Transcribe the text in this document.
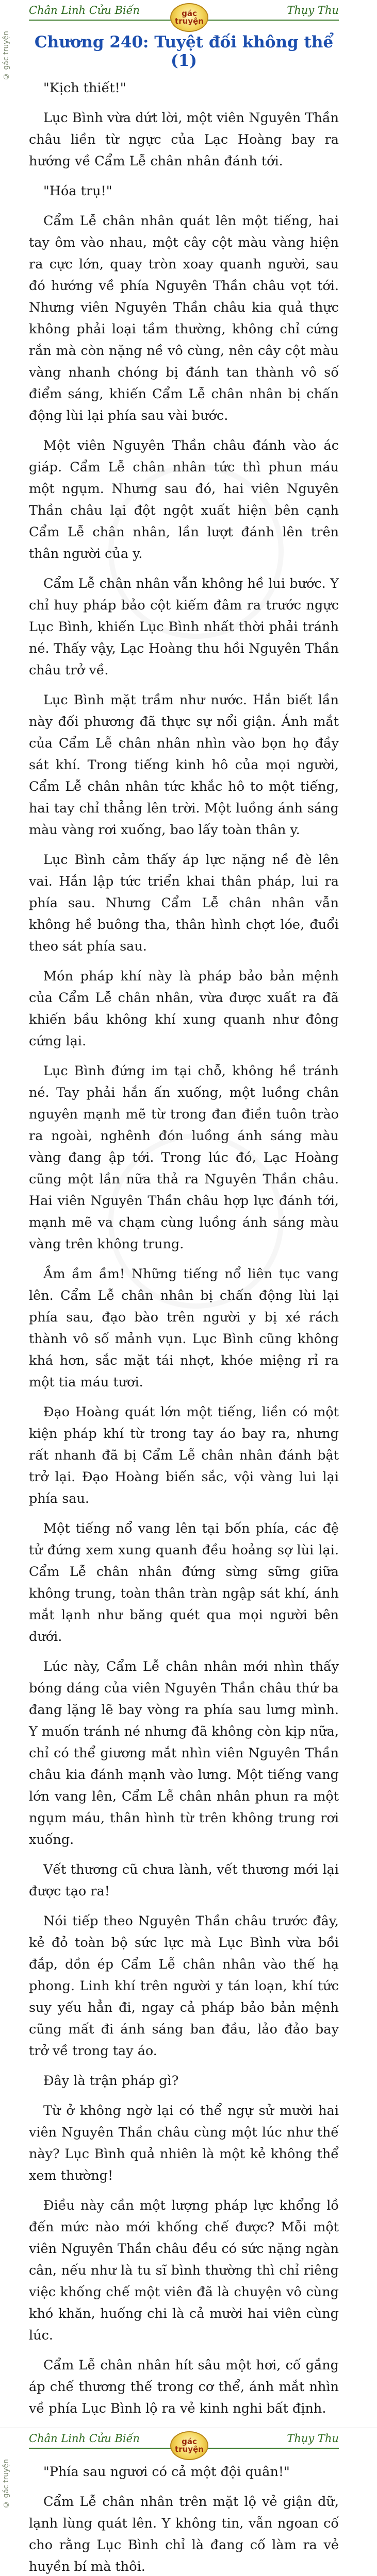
Chân Linh Cửu Biến	Thụy Thu
gác truyện
© gác truyện	Chương 240: Tuyệt đối không thể (1)

"Kịch thiết!"

Lục Bình vừa dứt lời, một viên Nguyên Thần châu liền từ ngực của Lạc Hoàng bay ra hướng về Cẩm Lễ chân nhân đánh tới.

"Hóa trụ!"

Cẩm Lễ chân nhân quát lên một tiếng, hai tay ôm vào nhau, một cây cột màu vàng hiện ra cực lớn, quay tròn xoay quanh người, sau đó hướng về phía Nguyên Thần châu vọt tới. Nhưng viên Nguyên Thần châu kia quả thực không phải loại tầm thường, không chỉ cứng rắn mà còn nặng nề vô cùng, nên cây cột màu vàng nhanh chóng bị đánh tan thành vô số điểm sáng, khiến Cẩm Lễ chân nhân bị chấn động lùi lại phía sau vài bước.

Một viên Nguyên Thần châu đánh vào ác giáp. Cẩm Lễ chân nhân tức thì phun máu một ngụm. Nhưng sau đó, hai viên Nguyên Thần châu lại đột ngột xuất hiện bên cạnh Cẩm Lễ chân nhân, lần lượt đánh lên trên thân người của y.

Cẩm Lễ chân nhân vẫn không hề lui bước. Y chỉ huy pháp bảo cột kiếm đâm ra trước ngực Lục Bình, khiến Lục Bình nhất thời phải tránh né. Thấy vậy, Lạc Hoàng thu hồi Nguyên Thần châu trở về.

Lục Bình mặt trầm như nước. Hắn biết lần này đối phương đã thực sự nổi giận. Ánh mắt của Cẩm Lễ chân nhân nhìn vào bọn họ đầy sát khí. Trong tiếng kinh hô của mọi người, Cẩm Lễ chân nhân tức khắc hô to một tiếng, hai tay chỉ thẳng lên trời. Một luồng ánh sáng màu vàng rơi xuống, bao lấy toàn thân y.

Lục Bình cảm thấy áp lực nặng nề đè lên vai. Hắn lập tức triển khai thân pháp, lui ra phía sau. Nhưng Cẩm Lễ chân nhân vẫn không hề buông tha, thân hình chợt lóe, đuổi theo sát phía sau.

Món pháp khí này là pháp bảo bản mệnh của Cẩm Lễ chân nhân, vừa được xuất ra đã khiến bầu không khí xung quanh như đông cứng lại.

Lục Bình đứng im tại chỗ, không hề tránh né. Tay phải hắn ấn xuống, một luồng chân nguyên mạnh mẽ từ trong đan điền tuôn trào ra ngoài, nghênh đón luồng ánh sáng màu vàng đang ập tới. Trong lúc đó, Lạc Hoàng cũng một lần nữa thả ra Nguyên Thần châu. Hai viên Nguyên Thần châu hợp lực đánh tới, mạnh mẽ va chạm cùng luồng ánh sáng màu vàng trên không trung.

Ầm ầm ầm! Những tiếng nổ liên tục vang lên. Cẩm Lễ chân nhân bị chấn động lùi lại phía sau, đạo bào trên người y bị xé rách thành vô số mảnh vụn. Lục Bình cũng không khá hơn, sắc mặt tái nhợt, khóe miệng rỉ ra một tia máu tươi.

Đạo Hoàng quát lớn một tiếng, liền có một kiện pháp khí từ trong tay áo bay ra, nhưng rất nhanh đã bị Cẩm Lễ chân nhân đánh bật trở lại. Đạo Hoàng biến sắc, vội vàng lui lại phía sau.

Một tiếng nổ vang lên tại bốn phía, các đệ tử đứng xem xung quanh đều hoảng sợ lùi lại. Cẩm Lễ chân nhân đứng sừng sững giữa không trung, toàn thân tràn ngập sát khí, ánh mắt lạnh như băng quét qua mọi người bên dưới.

Lúc này, Cẩm Lễ chân nhân mới nhìn thấy bóng dáng của viên Nguyên Thần châu thứ ba đang lặng lẽ bay vòng ra phía sau lưng mình. Y muốn tránh né nhưng đã không còn kịp nữa, chỉ có thể giương mắt nhìn viên Nguyên Thần châu kia đánh mạnh vào lưng. Một tiếng vang lớn vang lên, Cẩm Lễ chân nhân phun ra một ngụm máu, thân hình từ trên không trung rơi xuống.

Vết thương cũ chưa lành, vết thương mới lại được tạo ra!

Nói tiếp theo Nguyên Thần châu trước đây, kẻ đỏ toàn bộ sức lực mà Lục Bình vừa bồi đắp, dồn ép Cẩm Lễ chân nhân vào thế hạ phong. Linh khí trên người y tán loạn, khí tức suy yếu hẳn đi, ngay cả pháp bảo bản mệnh cũng mất đi ánh sáng ban đầu, lảo đảo bay trở về trong tay áo.

Đây là trận pháp gì?

Từ ở không ngờ lại có thể ngự sử mười hai viên Nguyên Thần châu cùng một lúc như thế này? Lục Bình quả nhiên là một kẻ không thể xem thường!

Điều này cần một lượng pháp lực khổng lồ đến mức nào mới khống chế được? Mỗi một viên Nguyên Thần châu đều có sức nặng ngàn cân, nếu như là tu sĩ bình thường thì chỉ riêng việc khống chế một viên đã là chuyện vô cùng khó khăn, huống chi là cả mười hai viên cùng lúc.

Cẩm Lễ chân nhân hít sâu một hơi, cố gắng áp chế thương thế trong cơ thể, ánh mắt nhìn về phía Lục Bình lộ ra vẻ kinh nghi bất định.

Chân Linh Cửu Biến	Thụy Thu
gác truyện
© gác truyện	"Phía sau ngươi có cả một đội quân!"

Cẩm Lễ chân nhân trên mặt lộ vẻ giận dữ, lạnh lùng quát lên. Y không tin, vẫn ngoan cố cho rằng Lục Bình chỉ là đang cố làm ra vẻ huyền bí mà thôi.
